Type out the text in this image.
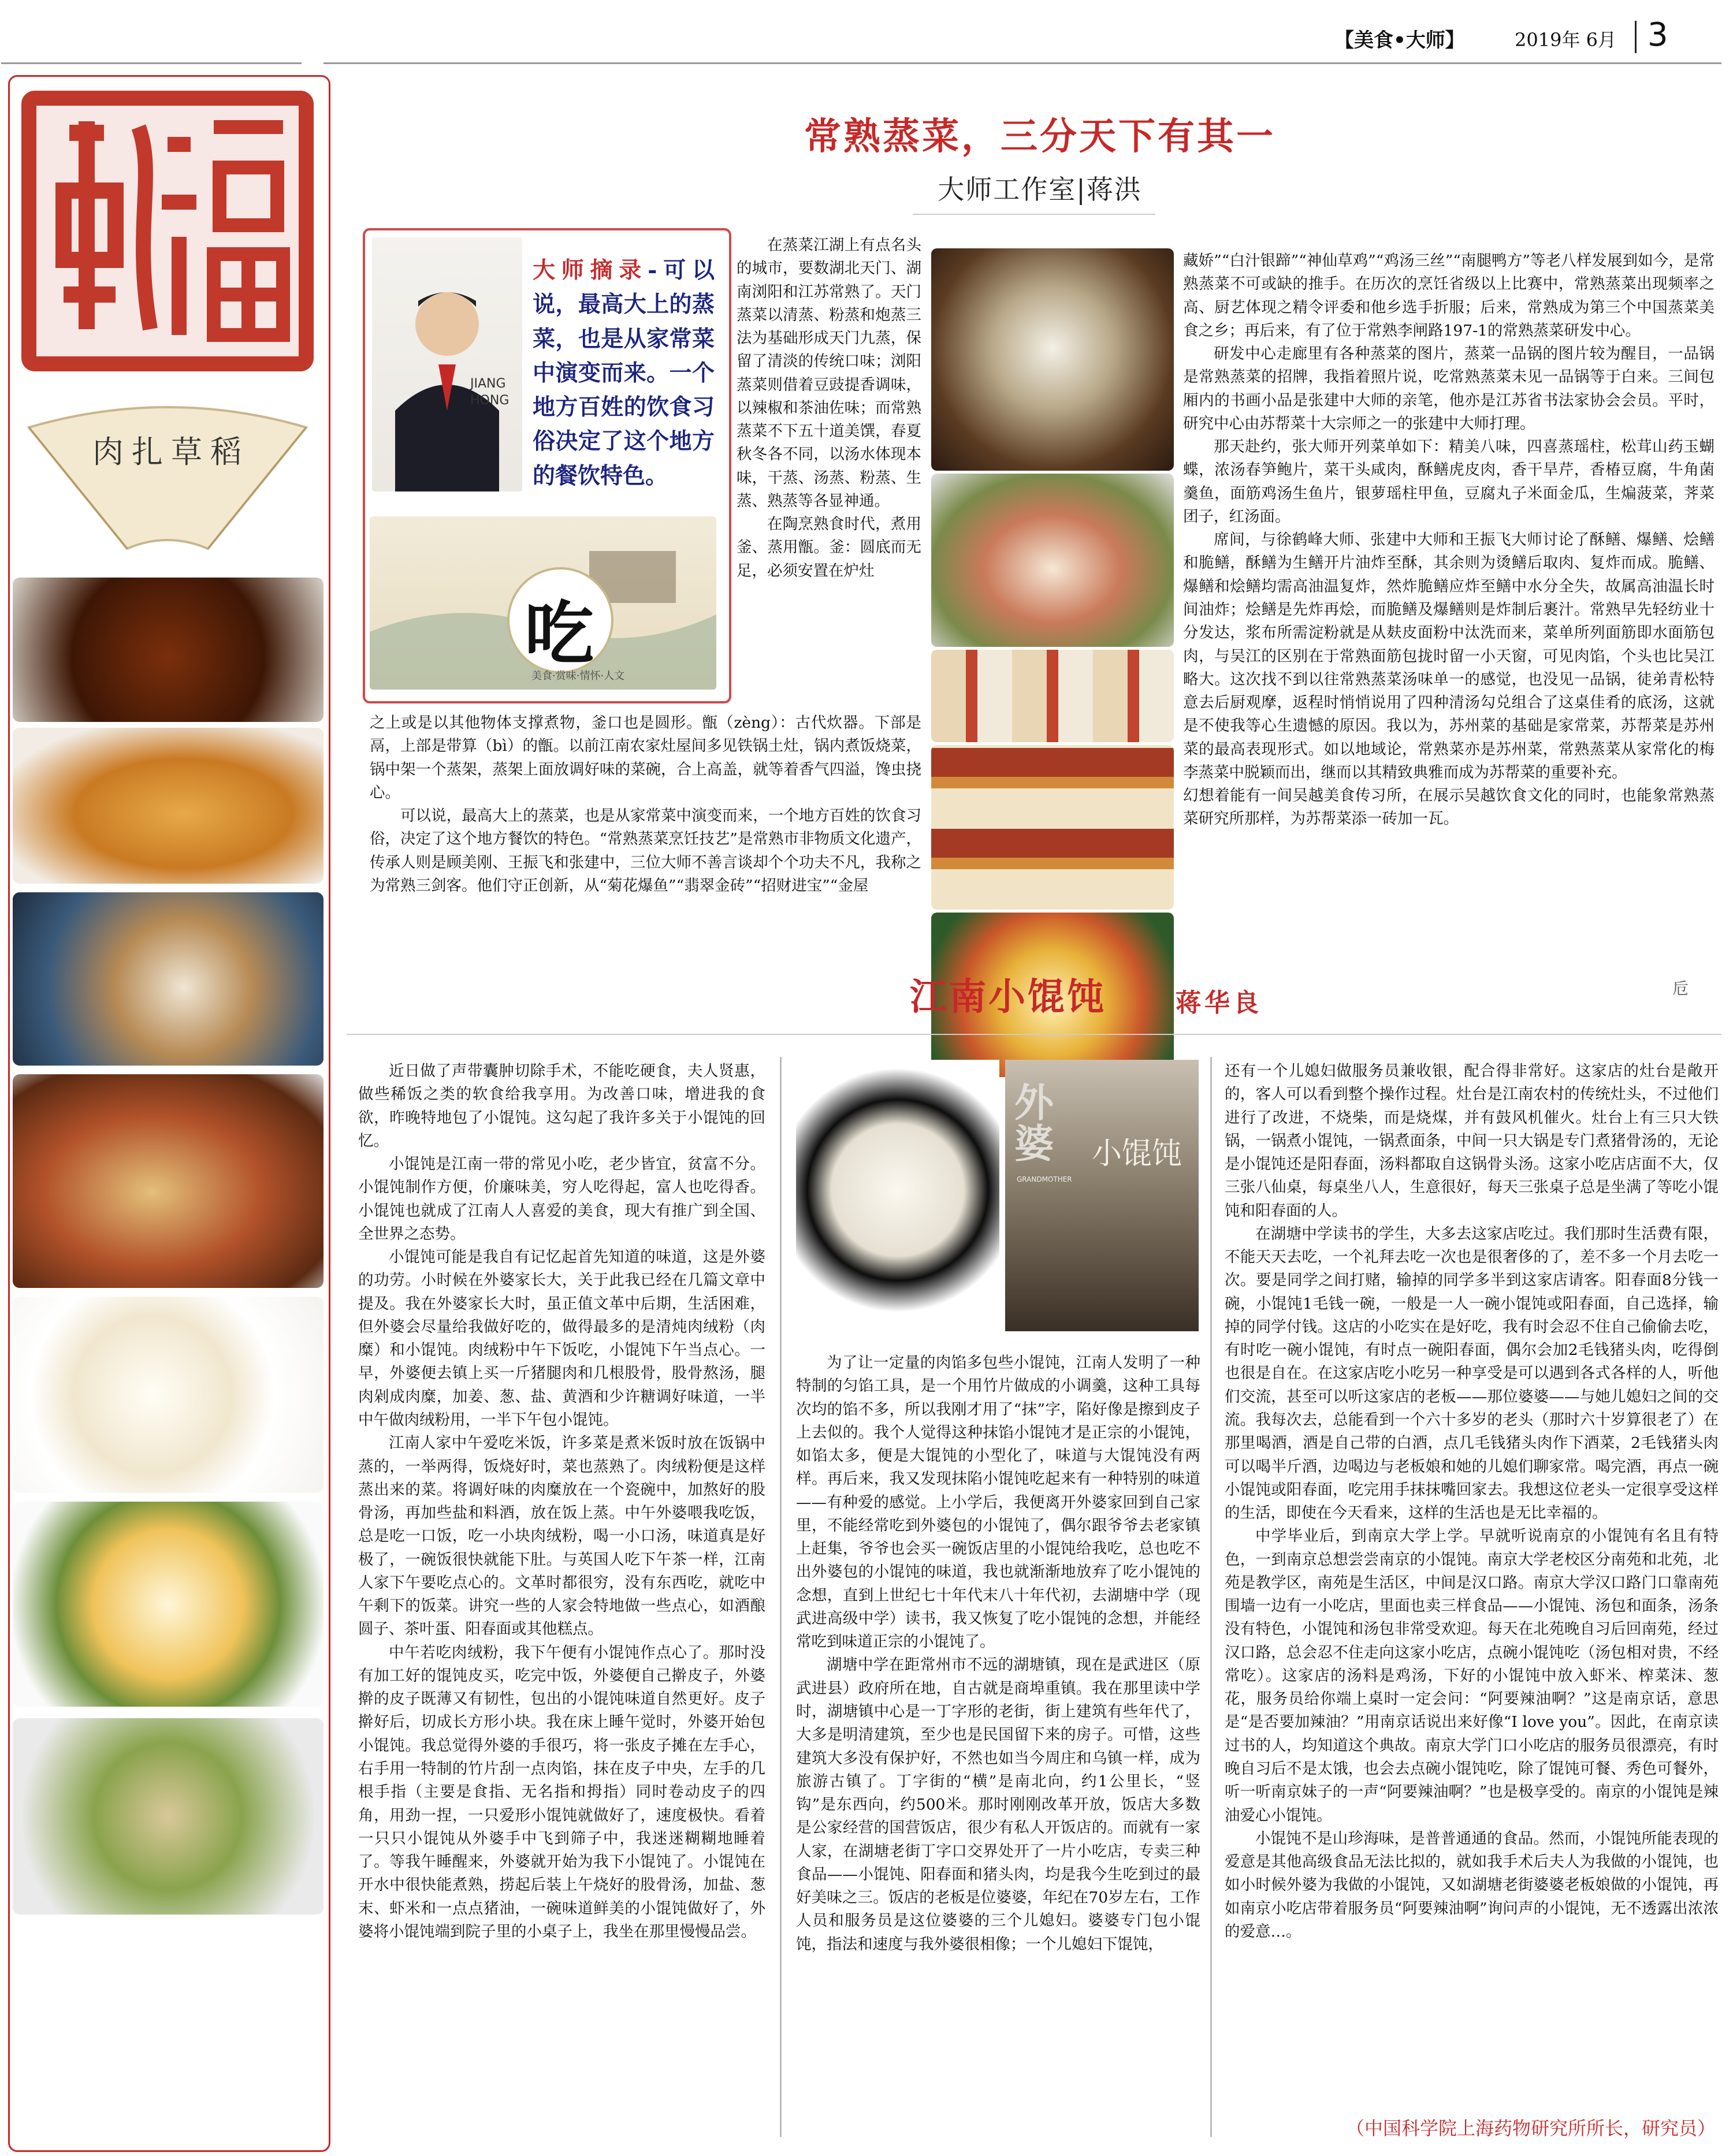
【美食•大师】	2019年 6月 3
肉扎草稻
常熟蒸菜，三分天下有其一
大师工作室|蒋洪
JIANG HONG
大师摘录-可以说，最高大上的蒸菜，也是从家常菜中演变而来。一个地方百姓的饮食习俗决定了这个地方的餐饮特色。
吃
美食·赏味·情怀·人文

在蒸菜江湖上有点名头的城市，要数湖北天门、湖南浏阳和江苏常熟了。天门蒸菜以清蒸、粉蒸和炮蒸三法为基础形成天门九蒸，保留了清淡的传统口味；浏阳蒸菜则借着豆豉提香调味，以辣椒和茶油佐味；而常熟蒸菜不下五十道美馔，春夏秋冬各不同，以汤水体现本味，干蒸、汤蒸、粉蒸、生蒸、熟蒸等各显神通。

在陶烹熟食时代，煮用釜、蒸用甑。釜：圆底而无足，必须安置在炉灶

之上或是以其他物体支撑煮物，釜口也是圆形。甑（zèng）：古代炊器。下部是鬲，上部是带算（bì）的甑。以前江南农家灶屋间多见铁锅土灶，锅内煮饭烧菜，锅中架一个蒸架，蒸架上面放调好味的菜碗，合上高盖，就等着香气四溢，馋虫挠心。

可以说，最高大上的蒸菜，也是从家常菜中演变而来，一个地方百姓的饮食习俗，决定了这个地方餐饮的特色。“常熟蒸菜烹饪技艺”是常熟市非物质文化遗产，传承人则是顾美刚、王振飞和张建中，三位大师不善言谈却个个功夫不凡，我称之为常熟三剑客。他们守正创新，从“菊花爆鱼”“翡翠金砖”“招财进宝”“金屋

藏娇”“白汁银蹄”“神仙草鸡”“鸡汤三丝”“南腿鸭方”等老八样发展到如今，是常熟蒸菜不可或缺的推手。在历次的烹饪省级以上比赛中，常熟蒸菜出现频率之高、厨艺体现之精令评委和他乡选手折服；后来，常熟成为第三个中国蒸菜美食之乡；再后来，有了位于常熟李闸路197-1的常熟蒸菜研发中心。

研发中心走廊里有各种蒸菜的图片，蒸菜一品锅的图片较为醒目，一品锅是常熟蒸菜的招牌，我指着照片说，吃常熟蒸菜未见一品锅等于白来。三间包厢内的书画小品是张建中大师的亲笔，他亦是江苏省书法家协会会员。平时，研究中心由苏帮菜十大宗师之一的张建中大师打理。

那天赴约，张大师开列菜单如下：精美八味，四喜蒸瑶柱，松茸山药玉蝴蝶，浓汤春笋鲍片，菜干头咸肉，酥鳝虎皮肉，香干旱芹，香椿豆腐，牛角菌羹鱼，面筋鸡汤生鱼片，银萝瑶柱甲鱼，豆腐丸子米面金瓜，生煸菠菜，荠菜团子，红汤面。

席间，与徐鹤峰大师、张建中大师和王振飞大师讨论了酥鳝、爆鳝、烩鳝和脆鳝，酥鳝为生鳝开片油炸至酥，其余则为烫鳝后取肉、复炸而成。脆鳝、爆鳝和烩鳝均需高油温复炸，然炸脆鳝应炸至鳝中水分全失，故属高油温长时间油炸；烩鳝是先炸再烩，而脆鳝及爆鳝则是炸制后裹汁。常熟早先轻纺业十分发达，浆布所需淀粉就是从麸皮面粉中汰洗而来，菜单所列面筋即水面筋包肉，与吴江的区别在于常熟面筋包拢时留一小天窗，可见肉馅，个头也比吴江略大。这次找不到以往常熟蒸菜汤味单一的感觉，也没见一品锅，徒弟青松特意去后厨观摩，返程时悄悄说用了四种清汤勾兑组合了这桌佳肴的底汤，这就是不使我等心生遗憾的原因。我以为，苏州菜的基础是家常菜，苏帮菜是苏州菜的最高表现形式。如以地域论，常熟菜亦是苏州菜，常熟蒸菜从家常化的梅李蒸菜中脱颖而出，继而以其精致典雅而成为苏帮菜的重要补充。

幻想着能有一间吴越美食传习所，在展示吴越饮食文化的同时，也能象常熟蒸菜研究所那样，为苏帮菜添一砖加一瓦。

江南小馄饨	蒋华良	卮

近日做了声带囊肿切除手术，不能吃硬食，夫人贤惠，做些稀饭之类的软食给我享用。为改善口味，增进我的食欲，昨晚特地包了小馄饨。这勾起了我许多关于小馄饨的回忆。

小馄饨是江南一带的常见小吃，老少皆宜，贫富不分。小馄饨制作方便，价廉味美，穷人吃得起，富人也吃得香。小馄饨也就成了江南人人喜爱的美食，现大有推广到全国、全世界之态势。

小馄饨可能是我自有记忆起首先知道的味道，这是外婆的功劳。小时候在外婆家长大，关于此我已经在几篇文章中提及。我在外婆家长大时，虽正值文革中后期，生活困难，但外婆会尽量给我做好吃的，做得最多的是清炖肉绒粉（肉糜）和小馄饨。肉绒粉中午下饭吃，小馄饨下午当点心。一早，外婆便去镇上买一斤猪腿肉和几根股骨，股骨熬汤，腿肉剁成肉糜，加姜、葱、盐、黄酒和少许糖调好味道，一半中午做肉绒粉用，一半下午包小馄饨。

江南人家中午爱吃米饭，许多菜是煮米饭时放在饭锅中蒸的，一举两得，饭烧好时，菜也蒸熟了。肉绒粉便是这样蒸出来的菜。将调好味的肉糜放在一个瓷碗中，加熬好的股骨汤，再加些盐和料酒，放在饭上蒸。中午外婆喂我吃饭，总是吃一口饭，吃一小块肉绒粉，喝一小口汤，味道真是好极了，一碗饭很快就能下肚。与英国人吃下午茶一样，江南人家下午要吃点心的。文革时都很穷，没有东西吃，就吃中午剩下的饭菜。讲究一些的人家会特地做一些点心，如酒酿圆子、茶叶蛋、阳春面或其他糕点。

中午若吃肉绒粉，我下午便有小馄饨作点心了。那时没有加工好的馄饨皮买，吃完中饭，外婆便自己擀皮子，外婆擀的皮子既薄又有韧性，包出的小馄饨味道自然更好。皮子擀好后，切成长方形小块。我在床上睡午觉时，外婆开始包小馄饨。我总觉得外婆的手很巧，将一张皮子摊在左手心，右手用一特制的竹片刮一点肉馅，抹在皮子中央，左手的几根手指（主要是食指、无名指和拇指）同时卷动皮子的四角，用劲一捏，一只爱形小馄饨就做好了，速度极快。看着一只只小馄饨从外婆手中飞到筛子中，我迷迷糊糊地睡着了。等我午睡醒来，外婆就开始为我下小馄饨了。小馄饨在开水中很快能煮熟，捞起后装上午烧好的股骨汤，加盐、葱末、虾米和一点点猪油，一碗味道鲜美的小馄饨做好了，外婆将小馄饨端到院子里的小桌子上，我坐在那里慢慢品尝。

外婆
GRANDMOTHER
小馄饨

为了让一定量的肉馅多包些小馄饨，江南人发明了一种特制的匀馅工具，是一个用竹片做成的小调羹，这种工具每次均的馅不多，所以我刚才用了“抹”字，陷好像是擦到皮子上去似的。我个人觉得这种抹馅小馄饨才是正宗的小馄饨，如馅太多，便是大馄饨的小型化了，味道与大馄饨没有两样。再后来，我又发现抹陷小馄饨吃起来有一种特别的味道——有种爱的感觉。上小学后，我便离开外婆家回到自己家里，不能经常吃到外婆包的小馄饨了，偶尔跟爷爷去老家镇上赶集，爷爷也会买一碗饭店里的小馄饨给我吃，总也吃不出外婆包的小馄饨的味道，我也就渐渐地放弃了吃小馄饨的念想，直到上世纪七十年代末八十年代初，去湖塘中学（现武进高级中学）读书，我又恢复了吃小馄饨的念想，并能经常吃到味道正宗的小馄饨了。

湖塘中学在距常州市不远的湖塘镇，现在是武进区（原武进县）政府所在地，自古就是商埠重镇。我在那里读中学时，湖塘镇中心是一丁字形的老街，街上建筑有些年代了，大多是明清建筑，至少也是民国留下来的房子。可惜，这些建筑大多没有保护好，不然也如当今周庄和乌镇一样，成为旅游古镇了。丁字街的“横”是南北向，约1公里长，“竖钩”是东西向，约500米。那时刚刚改革开放，饭店大多数是公家经营的国营饭店，很少有私人开饭店的。而就有一家人家，在湖塘老街丁字口交界处开了一片小吃店，专卖三种食品——小馄饨、阳春面和猪头肉，均是我今生吃到过的最好美味之三。饭店的老板是位婆婆，年纪在70岁左右，工作人员和服务员是这位婆婆的三个儿媳妇。婆婆专门包小馄饨，指法和速度与我外婆很相像；一个儿媳妇下馄饨，

还有一个儿媳妇做服务员兼收银，配合得非常好。这家店的灶台是敞开的，客人可以看到整个操作过程。灶台是江南农村的传统灶头，不过他们进行了改进，不烧柴，而是烧煤，并有鼓风机催火。灶台上有三只大铁锅，一锅煮小馄饨，一锅煮面条，中间一只大锅是专门煮猪骨汤的，无论是小馄饨还是阳春面，汤料都取自这锅骨头汤。这家小吃店店面不大，仅三张八仙桌，每桌坐八人，生意很好，每天三张桌子总是坐满了等吃小馄饨和阳春面的人。

在湖塘中学读书的学生，大多去这家店吃过。我们那时生活费有限，不能天天去吃，一个礼拜去吃一次也是很奢侈的了，差不多一个月去吃一次。要是同学之间打赌，输掉的同学多半到这家店请客。阳春面8分钱一碗，小馄饨1毛钱一碗，一般是一人一碗小馄饨或阳春面，自己选择，输掉的同学付钱。这店的小吃实在是好吃，我有时会忍不住自己偷偷去吃，有时吃一碗小馄饨，有时点一碗阳春面，偶尔会加2毛钱猪头肉，吃得倒也很是自在。在这家店吃小吃另一种享受是可以遇到各式各样的人，听他们交流，甚至可以听这家店的老板——那位婆婆——与她儿媳妇之间的交流。我每次去，总能看到一个六十多岁的老头（那时六十岁算很老了）在那里喝酒，酒是自己带的白酒，点几毛钱猪头肉作下酒菜，2毛钱猪头肉可以喝半斤酒，边喝边与老板娘和她的儿媳们聊家常。喝完酒，再点一碗小馄饨或阳春面，吃完用手抹抹嘴回家去。我想这位老头一定很享受这样的生活，即使在今天看来，这样的生活也是无比幸福的。

中学毕业后，到南京大学上学。早就听说南京的小馄饨有名且有特色，一到南京总想尝尝南京的小馄饨。南京大学老校区分南苑和北苑，北苑是教学区，南苑是生活区，中间是汉口路。南京大学汉口路门口靠南苑围墙一边有一小吃店，里面也卖三样食品——小馄饨、汤包和面条，汤条没有特色，小馄饨和汤包非常受欢迎。每天在北苑晚自习后回南苑，经过汉口路，总会忍不住走向这家小吃店，点碗小馄饨吃（汤包相对贵，不经常吃）。这家店的汤料是鸡汤，下好的小馄饨中放入虾米、榨菜沫、葱花，服务员给你端上桌时一定会问：“阿要辣油啊？”这是南京话，意思是“是否要加辣油？”用南京话说出来好像“I love you”。因此，在南京读过书的人，均知道这个典故。南京大学门口小吃店的服务员很漂亮，有时晚自习后不是太饿，也会去点碗小馄饨吃，除了馄饨可餐、秀色可餐外，听一听南京妹子的一声“阿要辣油啊？”也是极享受的。南京的小馄饨是辣油爱心小馄饨。

小馄饨不是山珍海味，是普普通通的食品。然而，小馄饨所能表现的爱意是其他高级食品无法比拟的，就如我手术后夫人为我做的小馄饨，也如小时候外婆为我做的小馄饨，又如湖塘老街婆婆老板娘做的小馄饨，再如南京小吃店带着服务员“阿要辣油啊”询问声的小馄饨，无不透露出浓浓的爱意…。

（中国科学院上海药物研究所所长，研究员）
